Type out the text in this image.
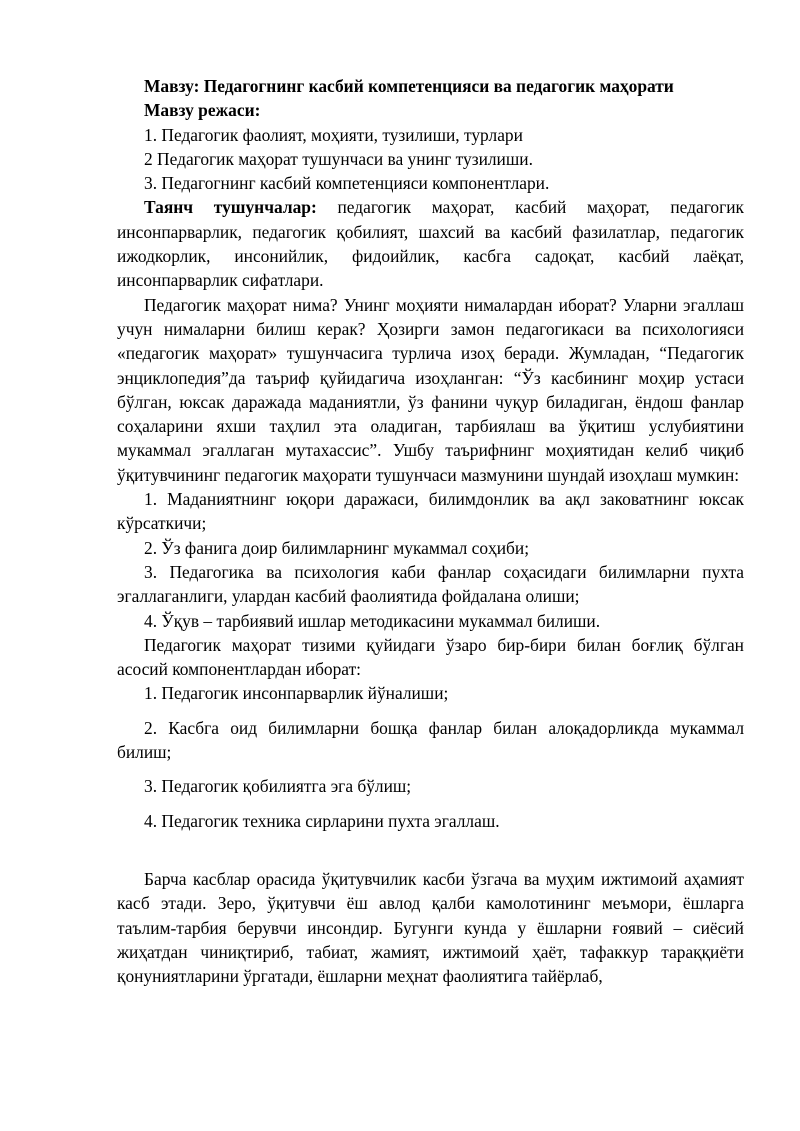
Мавзу: Педагогнинг касбий компетенцияси ва педагогик маҳорати

Мавзу режаси:

1. Педагогик фаолият, моҳияти, тузилиши, турлари

2 Педагогик маҳорат тушунчаси ва унинг тузилиши.

3. Педагогнинг касбий компетенцияси компонентлари.

Таянч тушунчалар: педагогик маҳорат, касбий маҳорат, педагогик инсонпарварлик, педагогик қобилият, шахсий ва касбий фазилатлар, педагогик ижодкорлик, инсонийлик, фидоийлик, касбга садоқат, касбий лаёқат, инсонпарварлик сифатлари.

Педагогик маҳорат нима? Унинг моҳияти нималардан иборат? Уларни эгаллаш учун нималарни билиш керак? Ҳозирги замон педагогикаси ва психологияси «педагогик маҳорат» тушунчасига турлича изоҳ беради. Жумладан, “Педагогик энциклопедия”да таъриф қуйидагича изоҳланган: “Ўз касбининг моҳир устаси бўлган, юксак даражада маданиятли, ўз фанини чуқур биладиган, ёндош фанлар соҳаларини яхши таҳлил эта оладиган, тарбиялаш ва ўқитиш услубиятини мукаммал эгаллаган мутахассис”. Ушбу таърифнинг моҳиятидан келиб чиқиб ўқитувчининг педагогик маҳорати тушунчаси мазмунини шундай изоҳлаш мумкин:

1. Маданиятнинг юқори даражаси, билимдонлик ва ақл заковатнинг юксак кўрсаткичи;

2. Ўз фанига доир билимларнинг мукаммал соҳиби;

3. Педагогика ва психология каби фанлар соҳасидаги билимларни пухта эгаллаганлиги, улардан касбий фаолиятида фойдалана олиши;

4. Ўқув – тарбиявий ишлар методикасини мукаммал билиши.

Педагогик маҳорат тизими қуйидаги ўзаро бир-бири билан боғлиқ бўлган асосий компонентлардан иборат:

1. Педагогик инсонпарварлик йўналиши;

2. Касбга оид билимларни бошқа фанлар билан алоқадорликда мукаммал билиш;

3. Педагогик қобилиятга эга бўлиш;

4. Педагогик техника сирларини пухта эгаллаш.

Барча касблар орасида ўқитувчилик касби ўзгача ва муҳим ижтимоий аҳамият касб этади. Зеро, ўқитувчи ёш авлод қалби камолотининг меъмори, ёшларга таълим-тарбия берувчи инсондир. Бугунги кунда у ёшларни ғоявий – сиёсий жиҳатдан чиниқтириб, табиат, жамият, ижтимоий ҳаёт, тафаккур тараққиёти қонуниятларини ўргатади, ёшларни меҳнат фаолиятига тайёрлаб,
